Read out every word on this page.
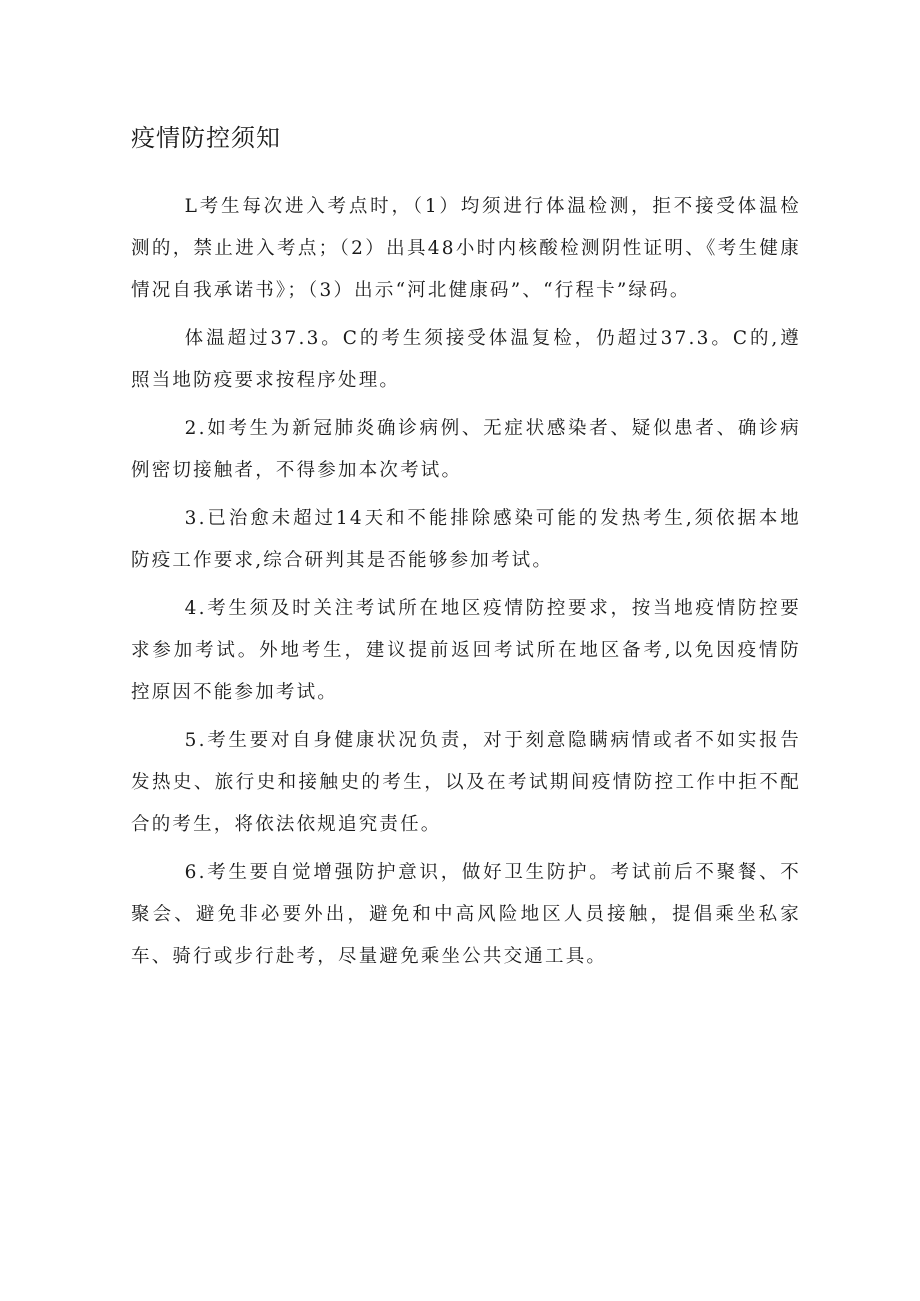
疫情防控须知

L考生每次进入考点时，（1）均须进行体温检测，拒不接受体温检测的，禁止进入考点；（2）出具48小时内核酸检测阴性证明、《考生健康情况自我承诺书》；（3）出示“河北健康码”、“行程卡”绿码。

体温超过37.3。C的考生须接受体温复检，仍超过37.3。C的,遵照当地防疫要求按程序处理。

2.如考生为新冠肺炎确诊病例、无症状感染者、疑似患者、确诊病例密切接触者，不得参加本次考试。

3.已治愈未超过14天和不能排除感染可能的发热考生,须依据本地防疫工作要求,综合研判其是否能够参加考试。

4.考生须及时关注考试所在地区疫情防控要求，按当地疫情防控要求参加考试。外地考生，建议提前返回考试所在地区备考,以免因疫情防控原因不能参加考试。

5.考生要对自身健康状况负责，对于刻意隐瞒病情或者不如实报告发热史、旅行史和接触史的考生，以及在考试期间疫情防控工作中拒不配合的考生，将依法依规追究责任。

6.考生要自觉增强防护意识，做好卫生防护。考试前后不聚餐、不聚会、避免非必要外出，避免和中高风险地区人员接触，提倡乘坐私家车、骑行或步行赴考，尽量避免乘坐公共交通工具。
